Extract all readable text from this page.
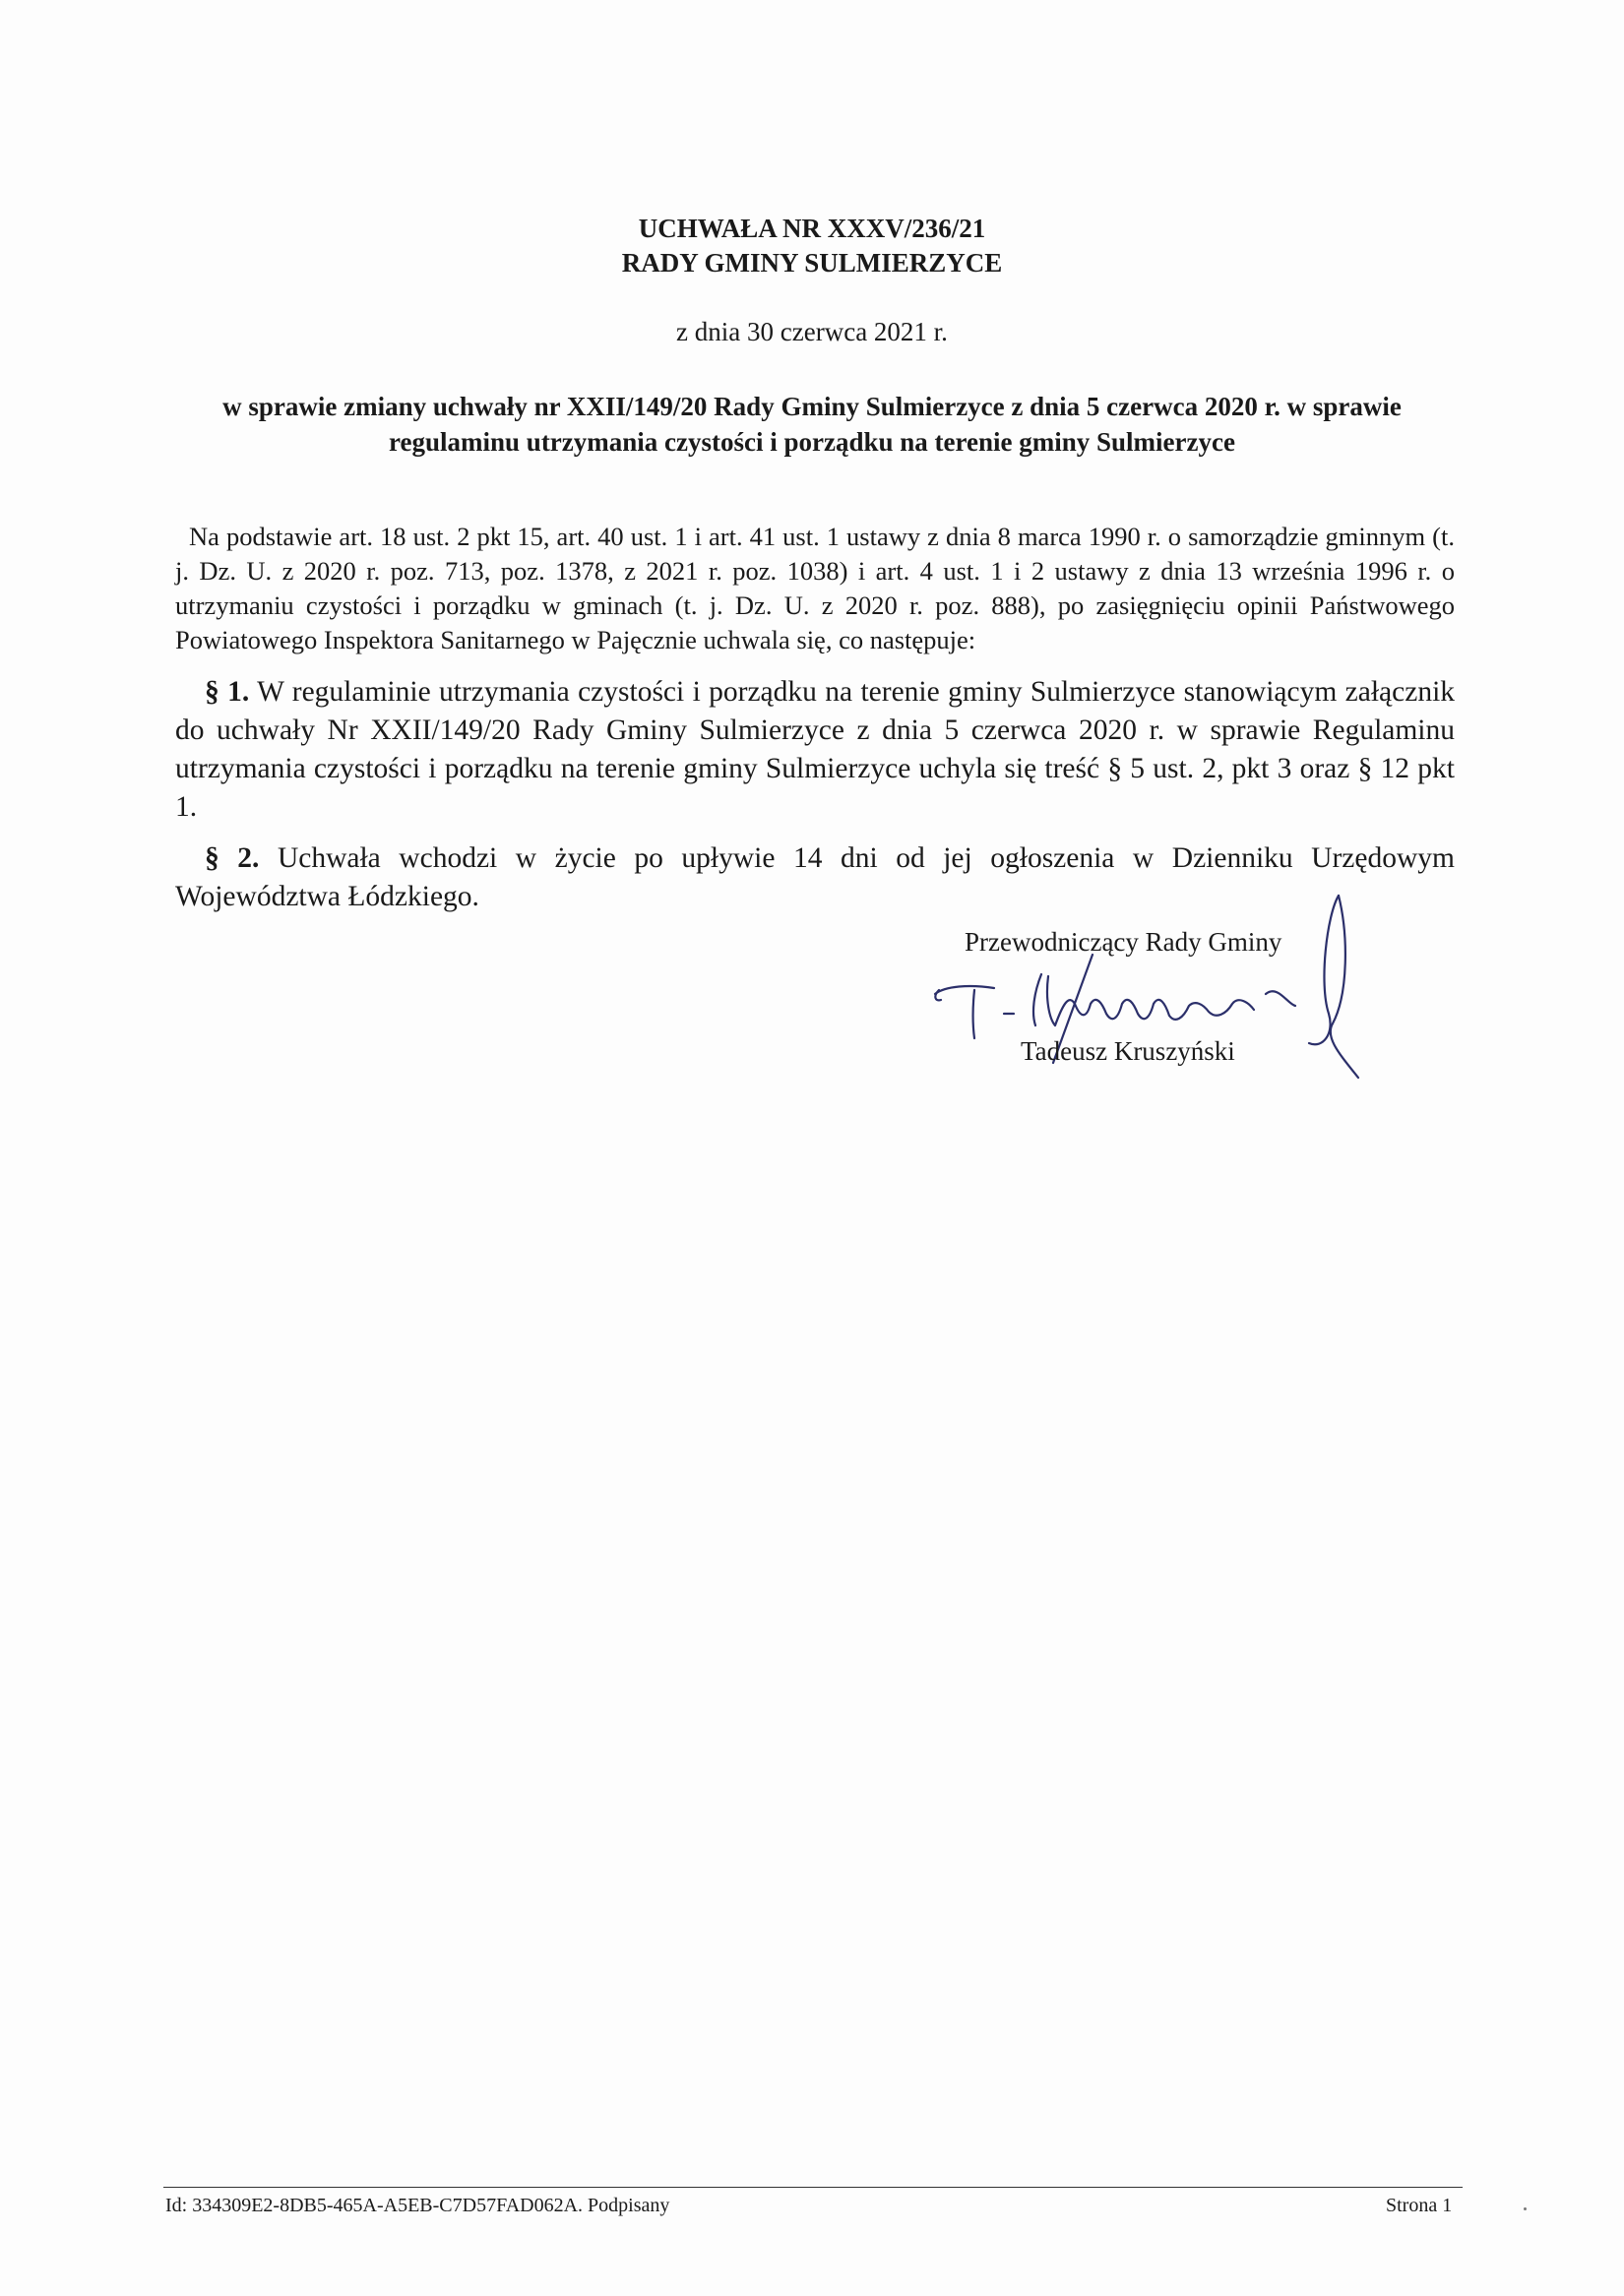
UCHWAŁA NR XXXV/236/21
RADY GMINY SULMIERZYCE
z dnia 30 czerwca 2021 r.
w sprawie zmiany uchwały nr XXII/149/20 Rady Gminy Sulmierzyce z dnia 5 czerwca 2020 r. w sprawie regulaminu utrzymania czystości i porządku na terenie gminy Sulmierzyce
Na podstawie art. 18 ust. 2 pkt 15, art. 40 ust. 1 i art. 41 ust. 1 ustawy z dnia 8 marca 1990 r. o samorządzie gminnym (t. j. Dz. U. z 2020 r. poz. 713, poz. 1378, z 2021 r. poz. 1038) i art. 4 ust. 1 i 2 ustawy z dnia 13 września 1996 r. o utrzymaniu czystości i porządku w gminach (t. j. Dz. U. z 2020 r. poz. 888), po zasięgnięciu opinii Państwowego Powiatowego Inspektora Sanitarnego w Pajęcznie uchwala się, co następuje:
§ 1. W regulaminie utrzymania czystości i porządku na terenie gminy Sulmierzyce stanowiącym załącznik do uchwały Nr XXII/149/20 Rady Gminy Sulmierzyce z dnia 5 czerwca 2020 r. w sprawie Regulaminu utrzymania czystości i porządku na terenie gminy Sulmierzyce uchyla się treść § 5 ust. 2, pkt 3 oraz § 12 pkt 1.
§ 2. Uchwała wchodzi w życie po upływie 14 dni od jej ogłoszenia w Dzienniku Urzędowym Województwa Łódzkiego.
Przewodniczący Rady Gminy
Tadeusz Kruszyński
Id: 334309E2-8DB5-465A-A5EB-C7D57FAD062A. Podpisany	Strona 1
